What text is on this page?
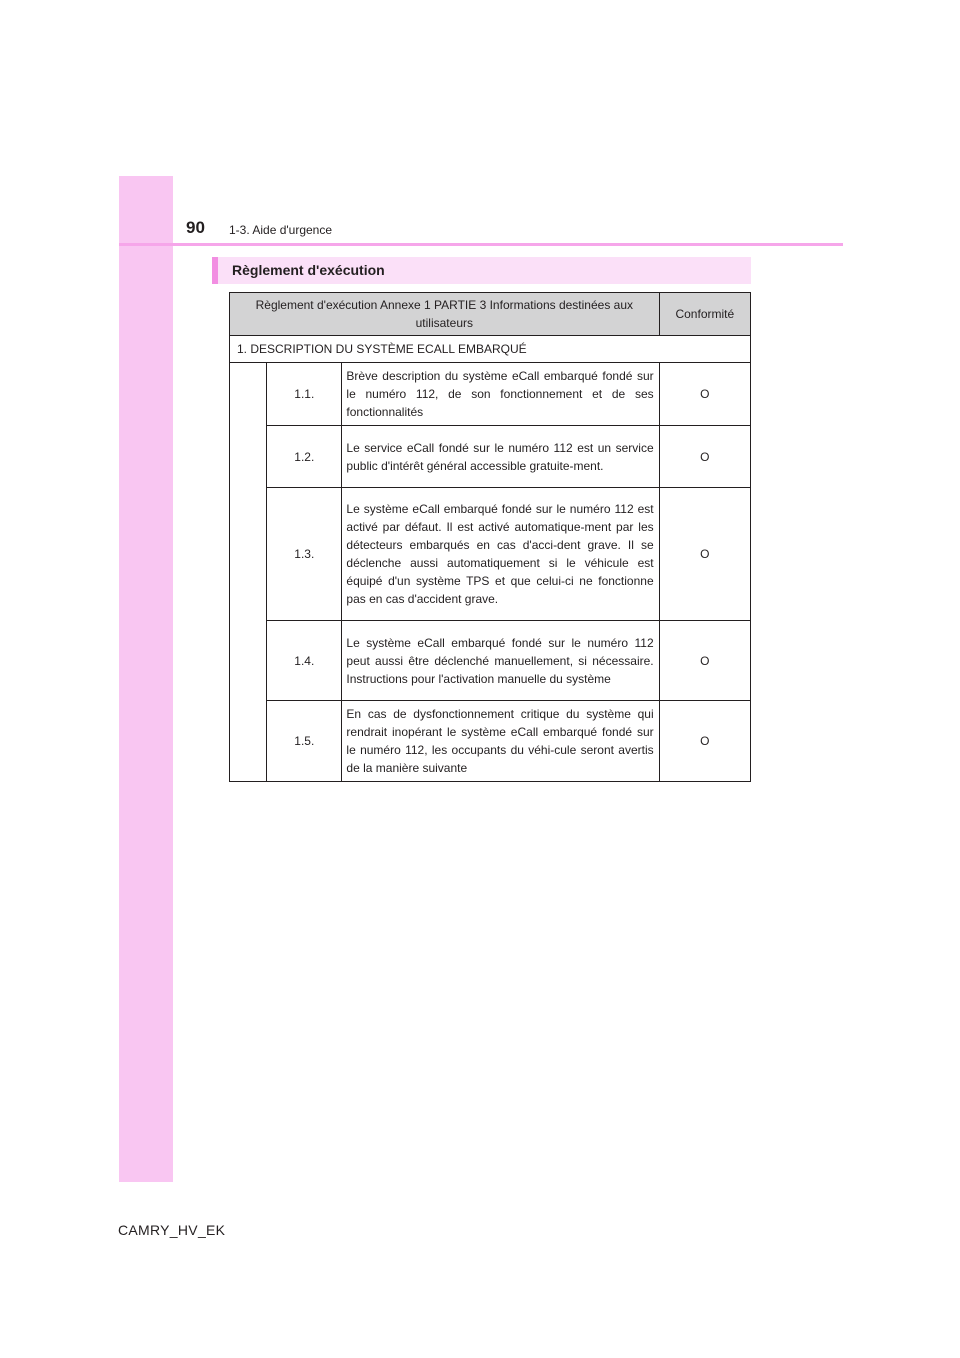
90 1-3. Aide d'urgence
Règlement d'exécution
Règlement d'exécution Annexe 1 PARTIE 3 Informations destinées aux utilisateurs			Conformité
1. DESCRIPTION DU SYSTÈME ECALL EMBARQUÉ			
	1.1.	Brève description du système eCall embarqué fondé sur le numéro 112, de son fonctionnement et de ses fonctionnalités	O
	1.2.	Le service eCall fondé sur le numéro 112 est un service public d'intérêt général accessible gratuite-ment.	O
	1.3.	Le système eCall embarqué fondé sur le numéro 112 est activé par défaut. Il est activé automatique-ment par les détecteurs embarqués en cas d'acci-dent grave. Il se déclenche aussi automatiquement si le véhicule est équipé d'un système TPS et que celui-ci ne fonctionne pas en cas d'accident grave.	O
	1.4.	Le système eCall embarqué fondé sur le numéro 112 peut aussi être déclenché manuellement, si nécessaire. Instructions pour l'activation manuelle du système	O
	1.5.	En cas de dysfonctionnement critique du système qui rendrait inopérant le système eCall embarqué fondé sur le numéro 112, les occupants du véhi-cule seront avertis de la manière suivante	O
CAMRY_HV_EK
